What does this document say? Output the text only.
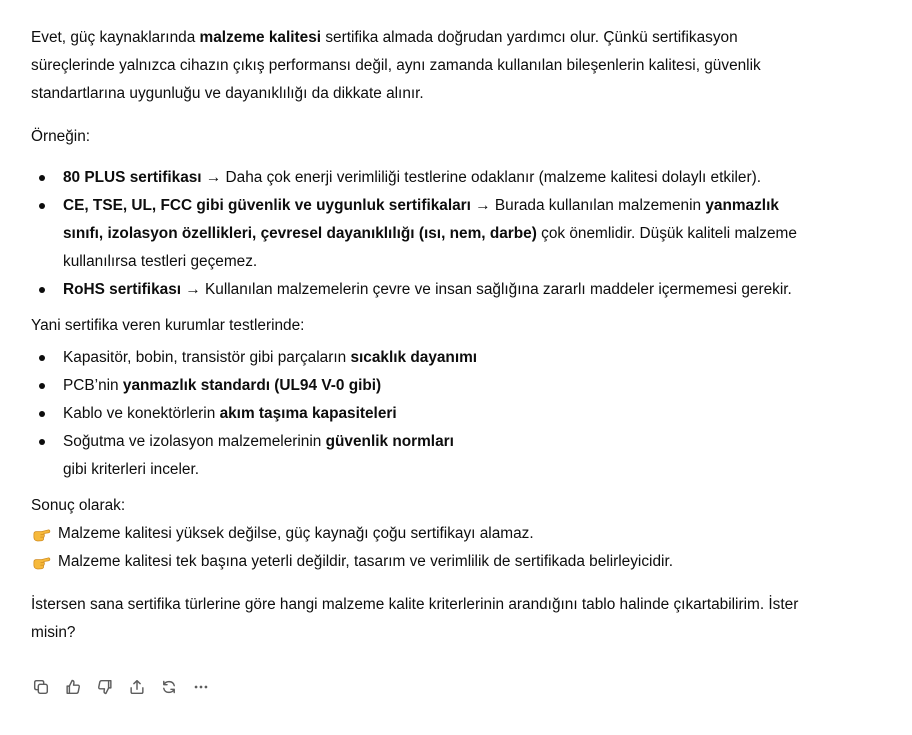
Evet, güç kaynaklarında malzeme kalitesi sertifika almada doğrudan yardımcı olur. Çünkü sertifikasyon süreçlerinde yalnızca cihazın çıkış performansı değil, aynı zamanda kullanılan bileşenlerin kalitesi, güvenlik standartlarına uygunluğu ve dayanıklılığı da dikkate alınır.

Örneğin:

80 PLUS sertifikası → Daha çok enerji verimliliği testlerine odaklanır (malzeme kalitesi dolaylı etkiler).
CE, TSE, UL, FCC gibi güvenlik ve uygunluk sertifikaları → Burada kullanılan malzemenin yanmazlık sınıfı, izolasyon özellikleri, çevresel dayanıklılığı (ısı, nem, darbe) çok önemlidir. Düşük kaliteli malzeme kullanılırsa testleri geçemez.
RoHS sertifikası → Kullanılan malzemelerin çevre ve insan sağlığına zararlı maddeler içermemesi gerekir.

Yani sertifika veren kurumlar testlerinde:

Kapasitör, bobin, transistör gibi parçaların sıcaklık dayanımı
PCB’nin yanmazlık standardı (UL94 V-0 gibi)
Kablo ve konektörlerin akım taşıma kapasiteleri
Soğutma ve izolasyon malzemelerinin güvenlik normları

gibi kriterleri inceler.

Sonuç olarak:

Malzeme kalitesi yüksek değilse, güç kaynağı çoğu sertifikayı alamaz.

Malzeme kalitesi tek başına yeterli değildir, tasarım ve verimlilik de sertifikada belirleyicidir.

İstersen sana sertifika türlerine göre hangi malzeme kalite kriterlerinin arandığını tablo halinde çıkartabilirim. İster misin?
